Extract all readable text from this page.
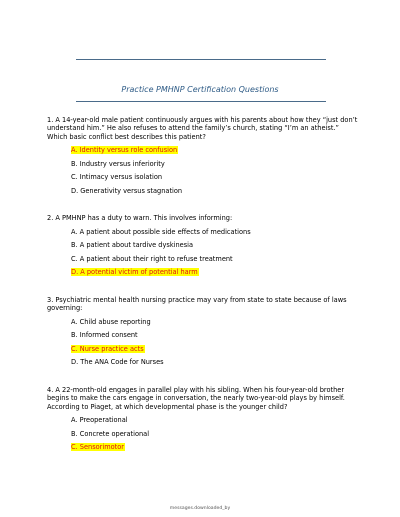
Practice PMHNP Certification Questions

1. A 14-year-old male patient continuously argues with his parents about how they “just don’t understand him.” He also refuses to attend the family’s church, stating “I’m an atheist.” Which basic conflict best describes this patient?

A. Identity versus role confusion
B. Industry versus inferiority
C. Intimacy versus isolation
D. Generativity versus stagnation

2. A PMHNP has a duty to warn. This involves informing:

A. A patient about possible side effects of medications
B. A patient about tardive dyskinesia
C. A patient about their right to refuse treatment
D. A potential victim of potential harm

3. Psychiatric mental health nursing practice may vary from state to state because of laws governing:

A. Child abuse reporting
B. Informed consent
C. Nurse practice acts
D. The ANA Code for Nurses

4. A 22-month-old engages in parallel play with his sibling. When his four-year-old brother begins to make the cars engage in conversation, the nearly two-year-old plays by himself. According to Piaget, at which developmental phase is the younger child?

A. Preoperational
B. Concrete operational
C. Sensorimotor
messages.downloaded_by
